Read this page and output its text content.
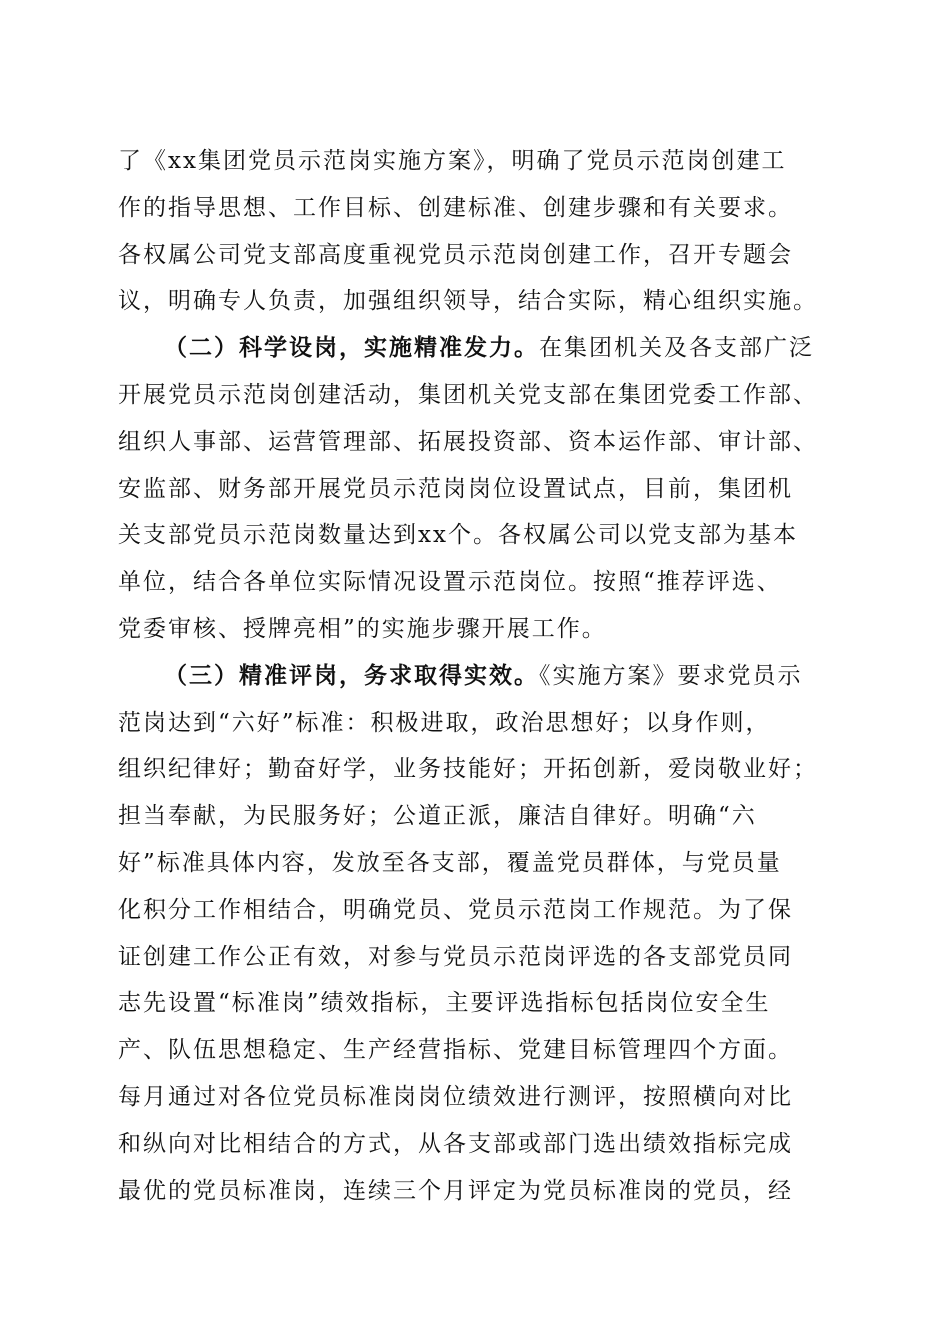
了《xx集团党员示范岗实施方案》，明确了党员示范岗创建工
作的指导思想、工作目标、创建标准、创建步骤和有关要求。
各权属公司党支部高度重视党员示范岗创建工作，召开专题会
议，明确专人负责，加强组织领导，结合实际，精心组织实施。
（二）科学设岗，实施精准发力。在集团机关及各支部广泛
开展党员示范岗创建活动，集团机关党支部在集团党委工作部、
组织人事部、运营管理部、拓展投资部、资本运作部、审计部、
安监部、财务部开展党员示范岗岗位设置试点，目前，集团机
关支部党员示范岗数量达到xx个。各权属公司以党支部为基本
单位，结合各单位实际情况设置示范岗位。按照“推荐评选、
党委审核、授牌亮相”的实施步骤开展工作。
（三）精准评岗，务求取得实效。《实施方案》要求党员示
范岗达到“六好”标准：积极进取，政治思想好；以身作则，
组织纪律好；勤奋好学，业务技能好；开拓创新，爱岗敬业好；
担当奉献，为民服务好；公道正派，廉洁自律好。明确“六
好”标准具体内容，发放至各支部，覆盖党员群体，与党员量
化积分工作相结合，明确党员、党员示范岗工作规范。为了保
证创建工作公正有效，对参与党员示范岗评选的各支部党员同
志先设置“标准岗”绩效指标，主要评选指标包括岗位安全生
产、队伍思想稳定、生产经营指标、党建目标管理四个方面。
每月通过对各位党员标准岗岗位绩效进行测评，按照横向对比
和纵向对比相结合的方式，从各支部或部门选出绩效指标完成
最优的党员标准岗，连续三个月评定为党员标准岗的党员，经
